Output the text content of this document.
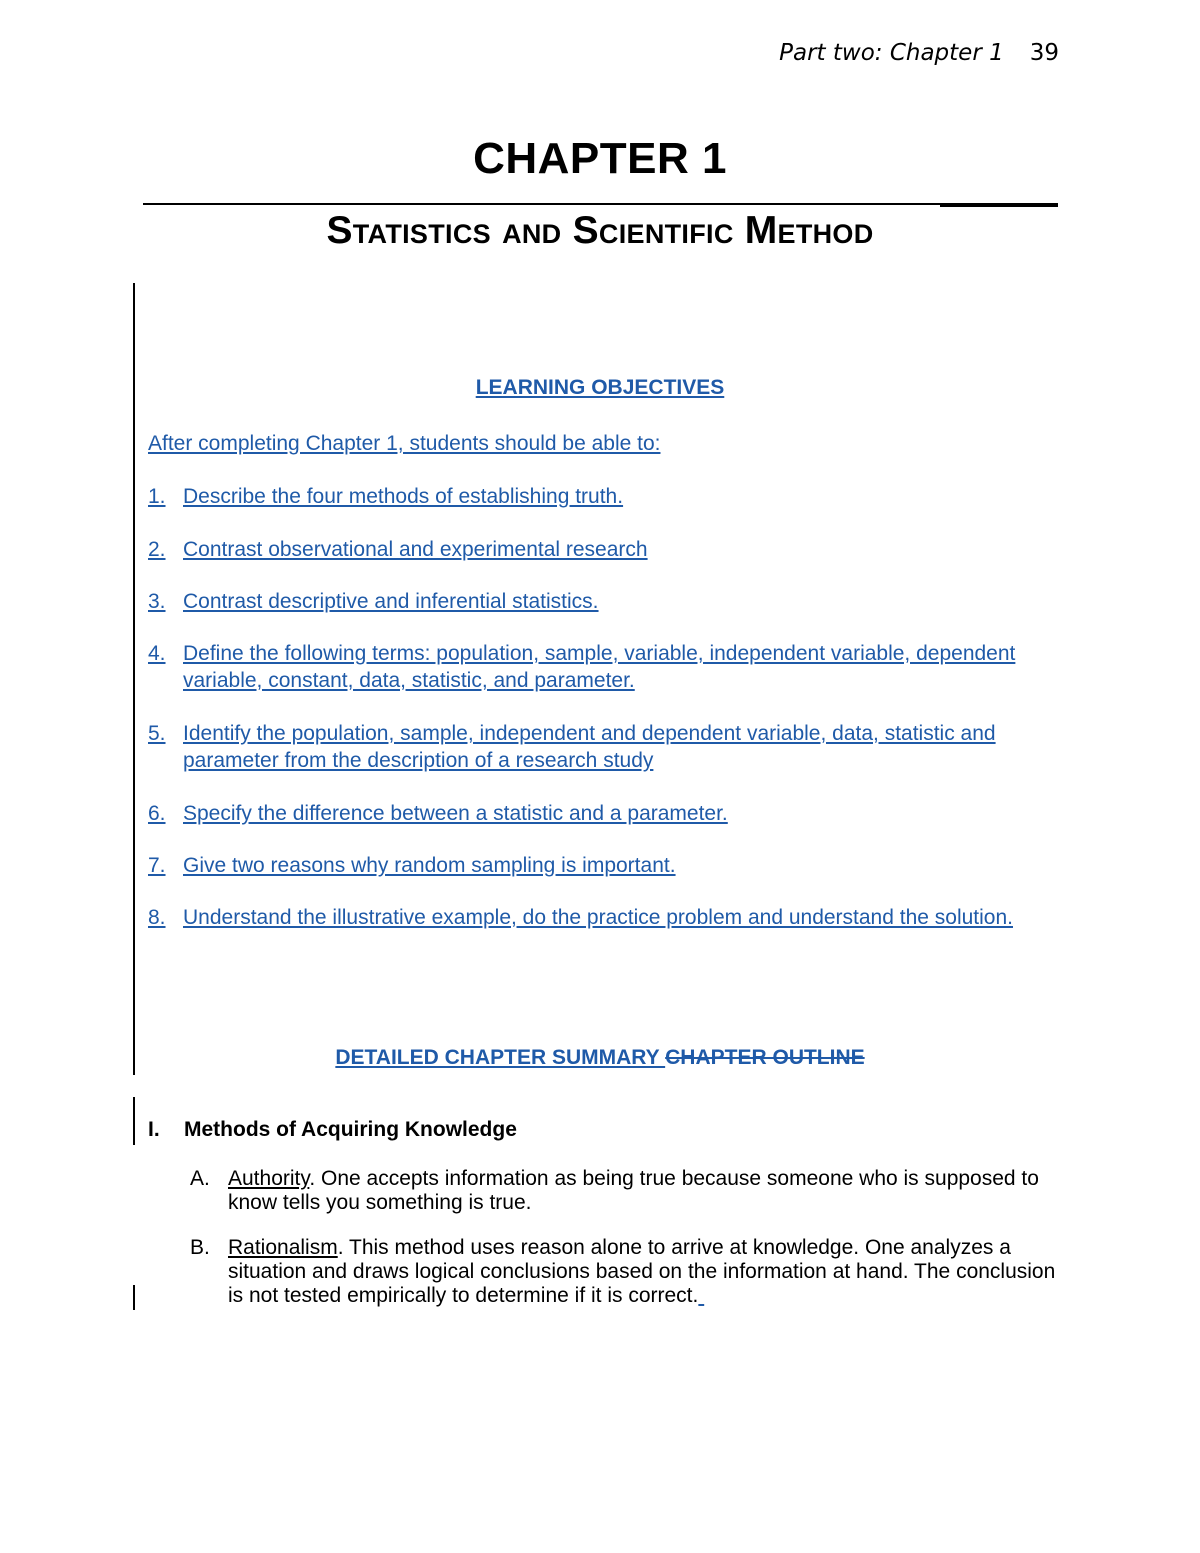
Part two: Chapter 1 39
CHAPTER 1
Statistics and Scientific Method
LEARNING OBJECTIVES
After completing Chapter 1, students should be able to:
1. Describe the four methods of establishing truth.
2. Contrast observational and experimental research
3. Contrast descriptive and inferential statistics.
4. Define the following terms: population, sample, variable, independent variable, dependent variable, constant, data, statistic, and parameter.
5. Identify the population, sample, independent and dependent variable, data, statistic and parameter from the description of a research study
6. Specify the difference between a statistic and a parameter.
7. Give two reasons why random sampling is important.
8. Understand the illustrative example, do the practice problem and understand the solution.
DETAILED CHAPTER SUMMARY CHAPTER OUTLINE
I. Methods of Acquiring Knowledge
A. Authority. One accepts information as being true because someone who is supposed to know tells you something is true.
B. Rationalism. This method uses reason alone to arrive at knowledge. One analyzes a situation and draws logical conclusions based on the information at hand. The conclusion is not tested empirically to determine if it is correct.
